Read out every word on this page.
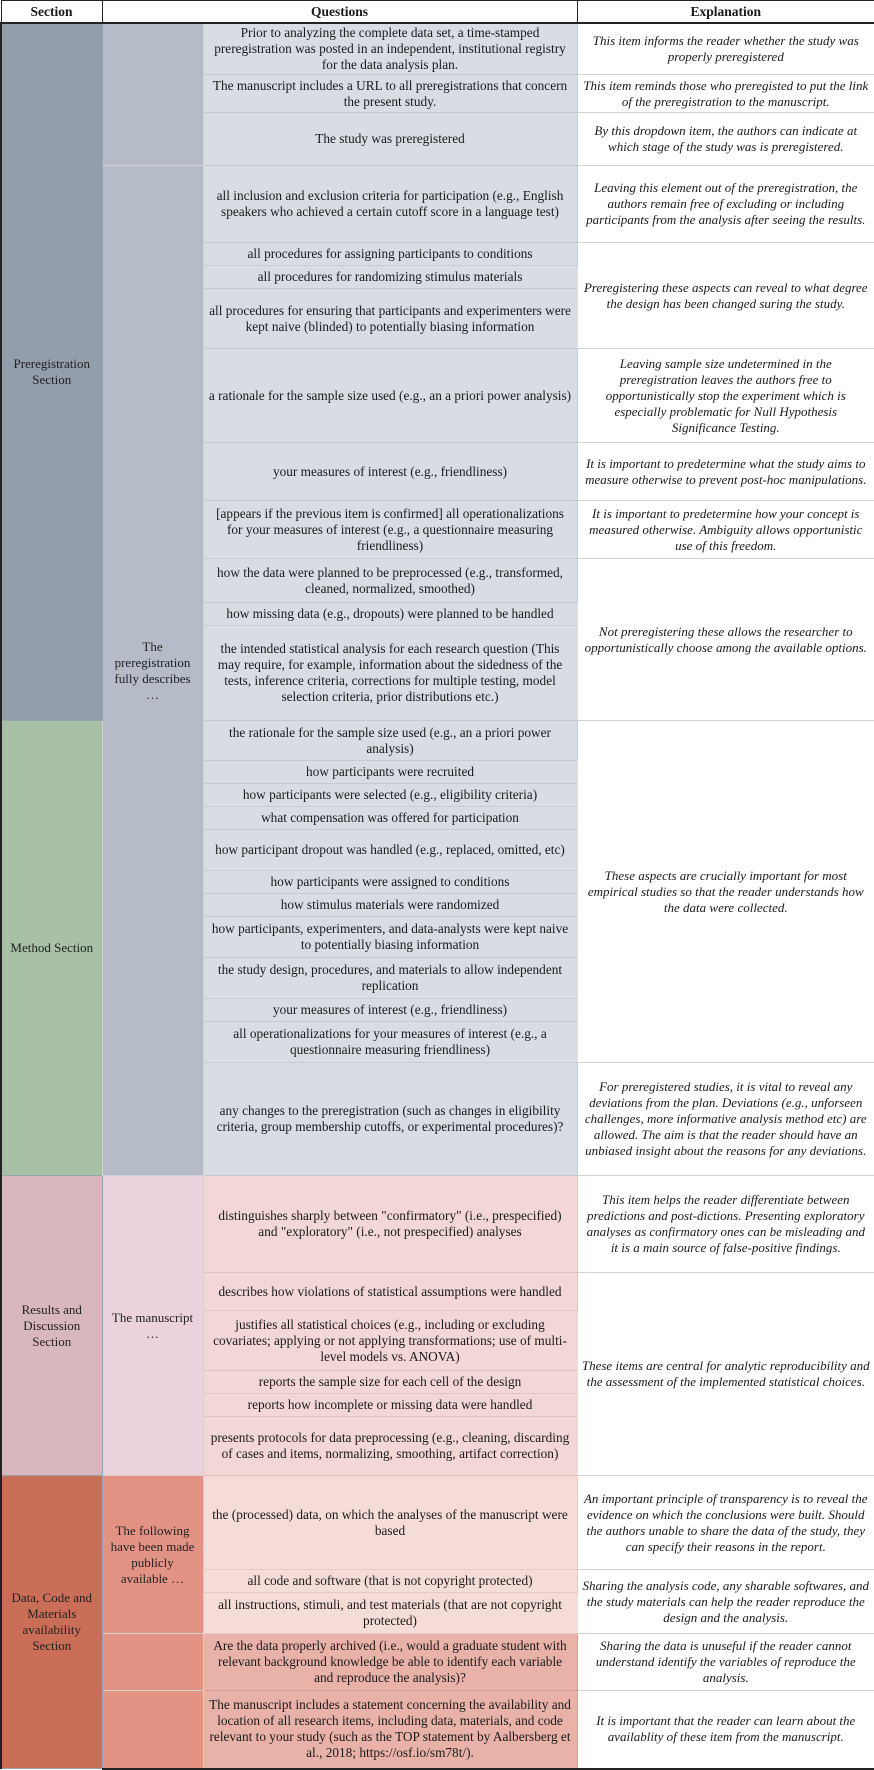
Section	Questions		Explanation
Preregistration Section		Prior to analyzing the complete data set, a time-stamped preregistration was posted in an independent, institutional registry for the data analysis plan.	This item informs the reader whether the study was properly preregistered
		The manuscript includes a URL to all preregistrations that concern the present study.	This item reminds those who preregisted to put the link of the preregistration to the manuscript.
		The study was preregistered	By this dropdown item, the authors can indicate at which stage of the study was is preregistered.
	The preregistration fully describes …	all inclusion and exclusion criteria for participation (e.g., English speakers who achieved a certain cutoff score in a language test)	Leaving this element out of the preregistration, the authors remain free of excluding or including participants from the analysis after seeing the results.
		all procedures for assigning participants to conditions	Preregistering these aspects can reveal to what degree the design has been changed suring the study.
		all procedures for randomizing stimulus materials	
		all procedures for ensuring that participants and experimenters were kept naive (blinded) to potentially biasing information	
		a rationale for the sample size used (e.g., an a priori power analysis)	Leaving sample size undetermined in the preregistration leaves the authors free to opportunistically stop the experiment which is especially problematic for Null Hypothesis Significance Testing.
		your measures of interest (e.g., friendliness)	It is important to predetermine what the study aims to measure otherwise to prevent post-hoc manipulations.
		[appears if the previous item is confirmed] all operationalizations for your measures of interest (e.g., a questionnaire measuring friendliness)	It is important to predetermine how your concept is measured otherwise. Ambiguity allows opportunistic use of this freedom.
		how the data were planned to be preprocessed (e.g., transformed, cleaned, normalized, smoothed)	Not preregistering these allows the researcher to opportunistically choose among the available options.
		how missing data (e.g., dropouts) were planned to be handled	
		the intended statistical analysis for each research question (This may require, for example, information about the sidedness of the tests, inference criteria, corrections for multiple testing, model selection criteria, prior distributions etc.)	
Method Section		the rationale for the sample size used (e.g., an a priori power analysis)	These aspects are crucially important for most empirical studies so that the reader understands how the data were collected.
		how participants were recruited	
		how participants were selected (e.g., eligibility criteria)	
		what compensation was offered for participation	
		how participant dropout was handled (e.g., replaced, omitted, etc)	
		how participants were assigned to conditions	
		how stimulus materials were randomized	
		how participants, experimenters, and data-analysts were kept naive to potentially biasing information	
		the study design, procedures, and materials to allow independent replication	
		your measures of interest (e.g., friendliness)	
		all operationalizations for your measures of interest (e.g., a questionnaire measuring friendliness)	
		any changes to the preregistration (such as changes in eligibility criteria, group membership cutoffs, or experimental procedures)?	For preregistered studies, it is vital to reveal any deviations from the plan. Deviations (e.g., unforseen challenges, more informative analysis method etc) are allowed. The aim is that the reader should have an unbiased insight about the reasons for any deviations.
Results and Discussion Section	The manuscript …	distinguishes sharply between "confirmatory" (i.e., prespecified) and "exploratory" (i.e., not prespecified) analyses	This item helps the reader differentiate between predictions and post-dictions. Presenting exploratory analyses as confirmatory ones can be misleading and it is a main source of false-positive findings.
		describes how violations of statistical assumptions were handled	These items are central for analytic reproducibility and the assessment of the implemented statistical choices.
		justifies all statistical choices (e.g., including or excluding covariates; applying or not applying transformations; use of multi-level models vs. ANOVA)	
		reports the sample size for each cell of the design	
		reports how incomplete or missing data were handled	
		presents protocols for data preprocessing (e.g., cleaning, discarding of cases and items, normalizing, smoothing, artifact correction)	
Data, Code and Materials availability Section	The following have been made publicly available …	the (processed) data, on which the analyses of the manuscript were based	An important principle of transparency is to reveal the evidence on which the conclusions were built. Should the authors unable to share the data of the study, they can specify their reasons in the report.
		all code and software (that is not copyright protected)	Sharing the analysis code, any sharable softwares, and the study materials can help the reader reproduce the design and the analysis.
		all instructions, stimuli, and test materials (that are not copyright protected)	
		Are the data properly archived (i.e., would a graduate student with relevant background knowledge be able to identify each variable and reproduce the analysis)?	Sharing the data is unuseful if the reader cannot understand identify the variables of reproduce the analysis.
		The manuscript includes a statement concerning the availability and location of all research items, including data, materials, and code relevant to your study (such as the TOP statement by Aalbersberg et al., 2018; https://osf.io/sm78t/).	It is important that the reader can learn about the availablity of these item from the manuscript.
